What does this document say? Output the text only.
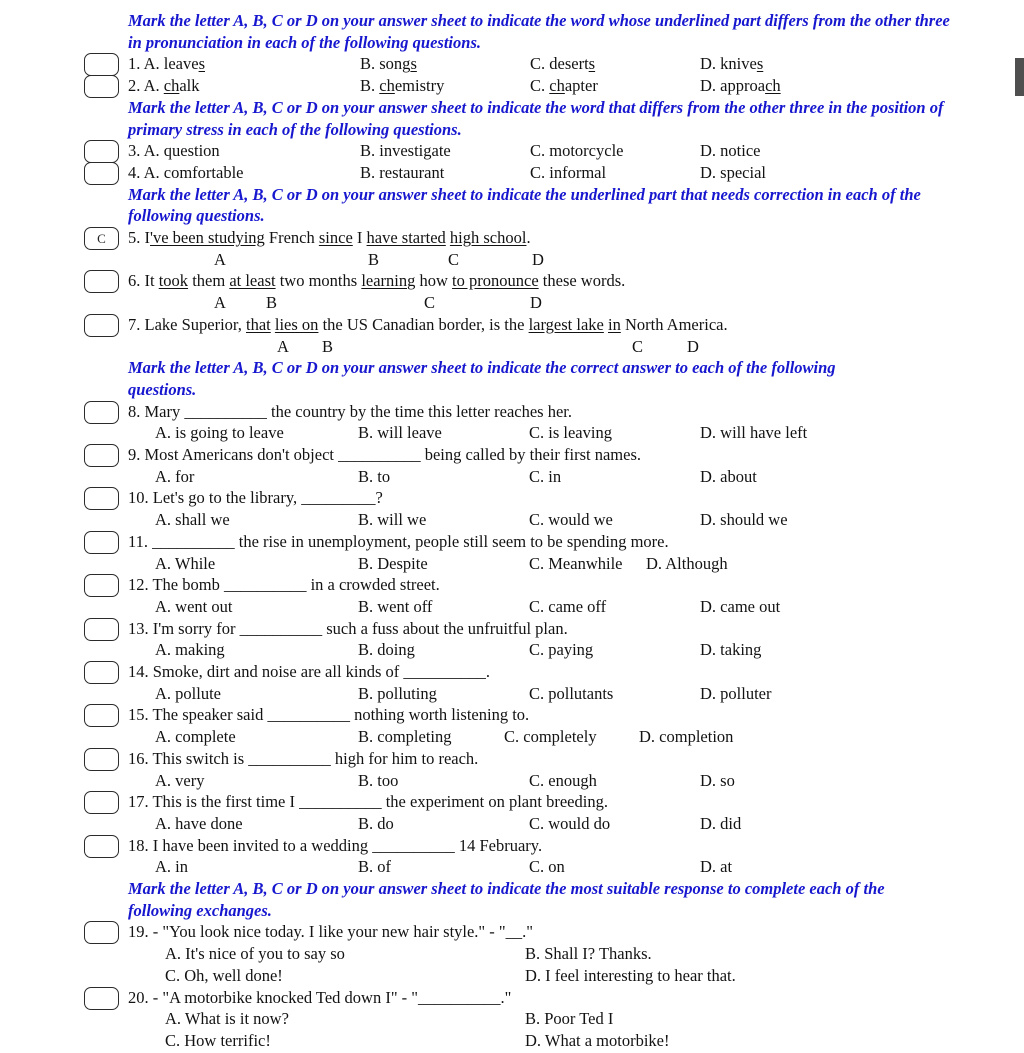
Mark the letter A, B, C or D on your answer sheet to indicate the word whose underlined part differs from the other three in pronunciation in each of the following questions.
1. A. leaves	B. songs	C. deserts	D. knives
2. A. chalk	B. chemistry	C. chapter	D. approach
Mark the letter A, B, C or D on your answer sheet to indicate the word that differs from the other three in the position of primary stress in each of the following questions.
3. A. question	B. investigate	C. motorcycle	D. notice
4. A. comfortable	B. restaurant	C. informal	D. special
Mark the letter A, B, C or D on your answer sheet to indicate the underlined part that needs correction in each of the following questions.
C 5. I've been studying French since I have started high school.
A	B	C	D
6. It took them at least two months learning how to pronounce these words.
A B	C	D
7. Lake Superior, that lies on the US Canadian border, is the largest lake in North America.
A B	C	D
Mark the letter A, B, C or D on your answer sheet to indicate the correct answer to each of the following questions.
8. Mary __________ the country by the time this letter reaches her.
A. is going to leave	B. will leave	C. is leaving	D. will have left
9. Most Americans don't object __________ being called by their first names.
A. for	B. to	C. in	D. about
10. Let's go to the library, _________?
A. shall we	B. will we	C. would we	D. should we
11. __________ the rise in unemployment, people still seem to be spending more.
A. While	B. Despite	C. Meanwhile	D. Although
12. The bomb __________ in a crowded street.
A. went out	B. went off	C. came off	D. came out
13. I'm sorry for __________ such a fuss about the unfruitful plan.
A. making	B. doing	C. paying	D. taking
14. Smoke, dirt and noise are all kinds of __________.
A. pollute	B. polluting	C. pollutants	D. polluter
15. The speaker said __________ nothing worth listening to.
A. complete	B. completing	C. completely	D. completion
16. This switch is __________ high for him to reach.
A. very	B. too	C. enough	D. so
17. This is the first time I __________ the experiment on plant breeding.
A. have done	B. do	C. would do	D. did
18. I have been invited to a wedding __________ 14 February.
A. in	B. of	C. on	D. at
Mark the letter A, B, C or D on your answer sheet to indicate the most suitable response to complete each of the following exchanges.
19. - "You look nice today. I like your new hair style." - "__."
A. It's nice of you to say so	B. Shall I? Thanks.
C. Oh, well done!	D. I feel interesting to hear that.
20. - "A motorbike knocked Ted down I" - "__________."
A. What is it now?	B. Poor Ted I
C. How terrific!	D. What a motorbike!
